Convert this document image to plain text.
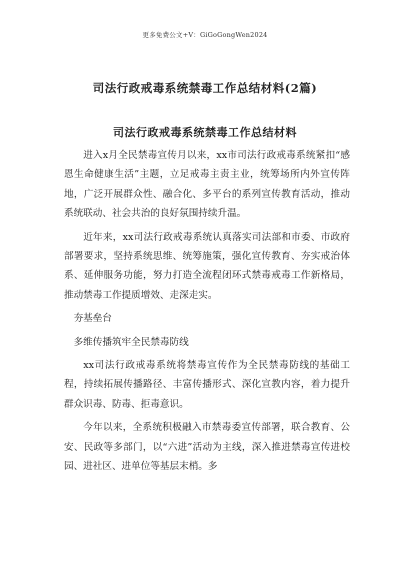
更多免费公文+V：GiGoGongWen2024
司法行政戒毒系统禁毒工作总结材料(2篇)
司法行政戒毒系统禁毒工作总结材料

进入x月全民禁毒宣传月以来，xx市司法行政戒毒系统紧扣“感恩生命健康生活”主题，立足戒毒主责主业，统筹场所内外宣传阵地，广泛开展群众性、融合化、多平台的系列宣传教育活动，推动系统联动、社会共治的良好氛围持续升温。

近年来，xx司法行政戒毒系统认真落实司法部和市委、市政府部署要求，坚持系统思维、统筹施策，强化宣传教育、夯实戒治体系、延伸服务功能，努力打造全流程闭环式禁毒戒毒工作新格局，推动禁毒工作提质增效、走深走实。

夯基垒台

多维传播筑牢全民禁毒防线

xx司法行政戒毒系统将禁毒宣传作为全民禁毒防线的基础工程，持续拓展传播路径、丰富传播形式、深化宣教内容，着力提升群众识毒、防毒、拒毒意识。

今年以来，全系统积极融入市禁毒委宣传部署，联合教育、公安、民政等多部门，以“六进”活动为主线，深入推进禁毒宣传进校园、进社区、进单位等基层末梢。多
